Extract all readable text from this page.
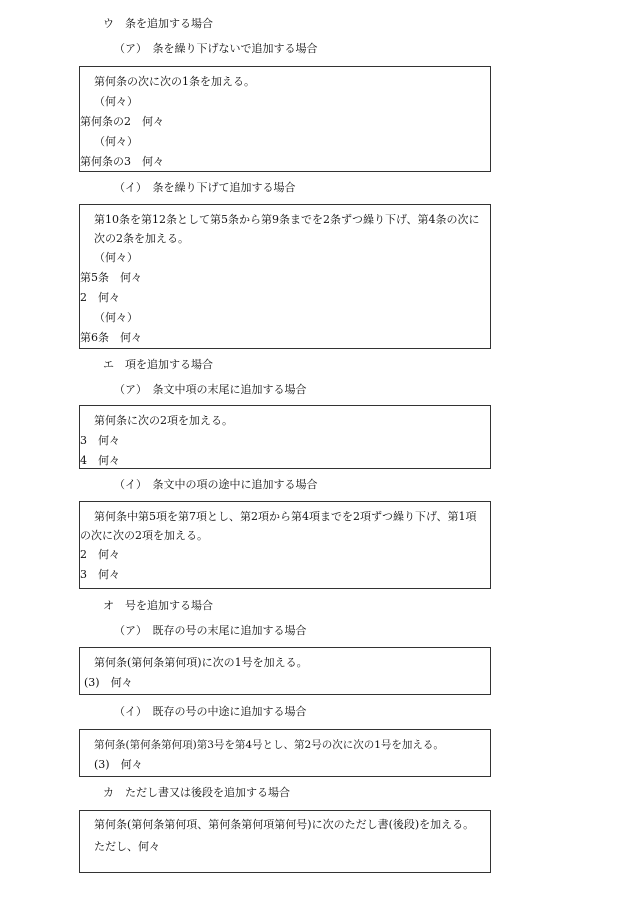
ウ　条を追加する場合
（ア）　条を繰り下げないで追加する場合
第何条の次に次の1条を加える。
（何々）
第何条の2　何々
（何々）
第何条の3　何々
（イ）　条を繰り下げて追加する場合
第10条を第12条として第5条から第9条までを2条ずつ繰り下げ、第4条の次に次の2条を加える。
（何々）
第5条　何々
2　何々
（何々）
第6条　何々
エ　項を追加する場合
（ア）　条文中項の末尾に追加する場合
第何条に次の2項を加える。
3　何々
4　何々
（イ）　条文中の項の途中に追加する場合
第何条中第5項を第7項とし、第2項から第4項までを2項ずつ繰り下げ、第1項の次に次の2項を加える。
2　何々
3　何々
オ　号を追加する場合
（ア）　既存の号の末尾に追加する場合
第何条(第何条第何項)に次の1号を加える。
(3)　何々
（イ）　既存の号の中途に追加する場合
第何条(第何条第何項)第3号を第4号とし、第2号の次に次の1号を加える。
(3)　何々
カ　ただし書又は後段を追加する場合
第何条(第何条第何項、第何条第何項第何号)に次のただし書(後段)を加える。
ただし、何々
